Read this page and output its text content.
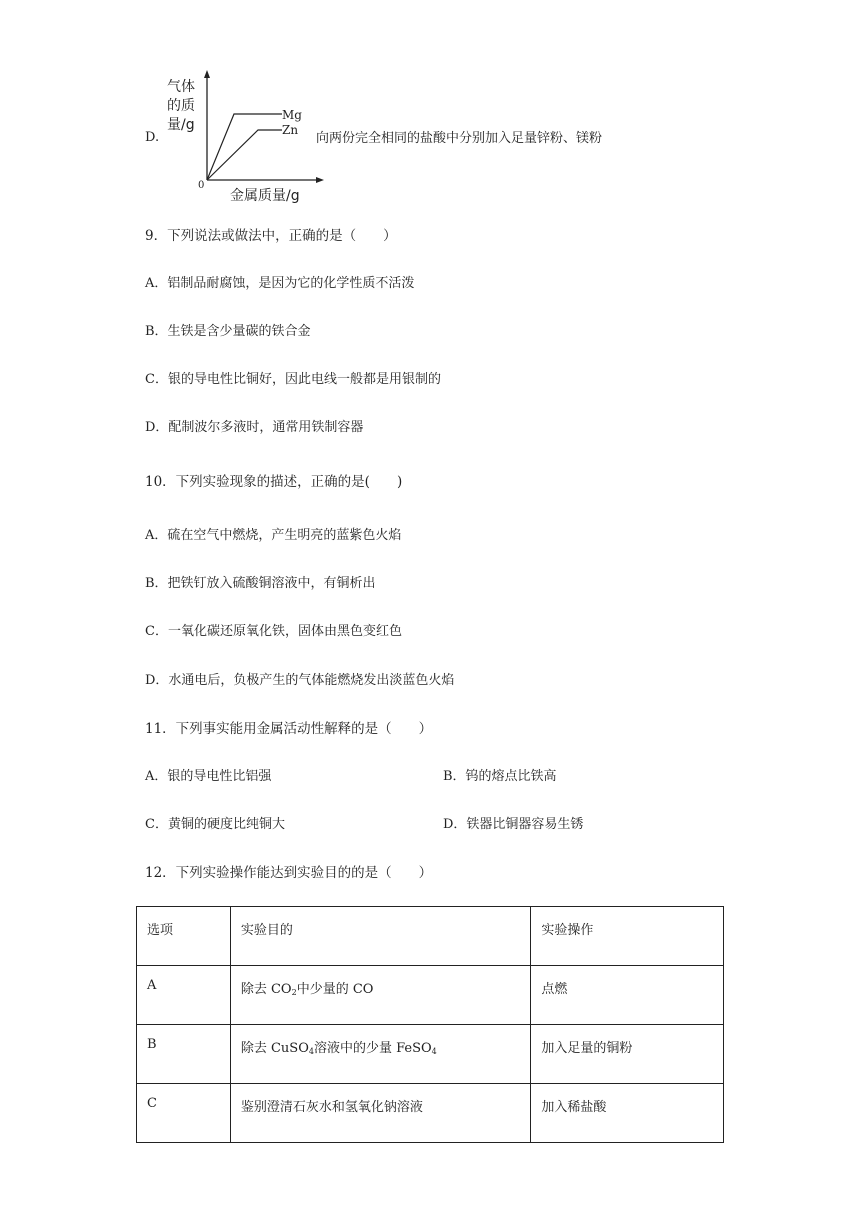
D.
气体
的质
量/g
Mg
Zn
0
金属质量/g
向两份完全相同的盐酸中分别加入足量锌粉、镁粉
9．下列说法或做法中，正确的是（　　）
A．铝制品耐腐蚀，是因为它的化学性质不活泼
B．生铁是含少量碳的铁合金
C．银的导电性比铜好，因此电线一般都是用银制的
D．配制波尔多液时，通常用铁制容器
10．下列实验现象的描述，正确的是(　　)
A．硫在空气中燃烧，产生明亮的蓝紫色火焰
B．把铁钉放入硫酸铜溶液中，有铜析出
C．一氧化碳还原氧化铁，固体由黑色变红色
D．水通电后，负极产生的气体能燃烧发出淡蓝色火焰
11．下列事实能用金属活动性解释的是（　　）
A．银的导电性比铝强	B．钨的熔点比铁高
C．黄铜的硬度比纯铜大	D．铁器比铜器容易生锈
12．下列实验操作能达到实验目的的是（　　）
选项	实验目的	实验操作
A	除去 $CO_2$中少量的 CO	点燃
B	除去 CuSO$_4$溶液中的少量 FeSO$_4$	加入足量的铜粉
C	鉴别澄清石灰水和氢氧化钠溶液	加入稀盐酸
